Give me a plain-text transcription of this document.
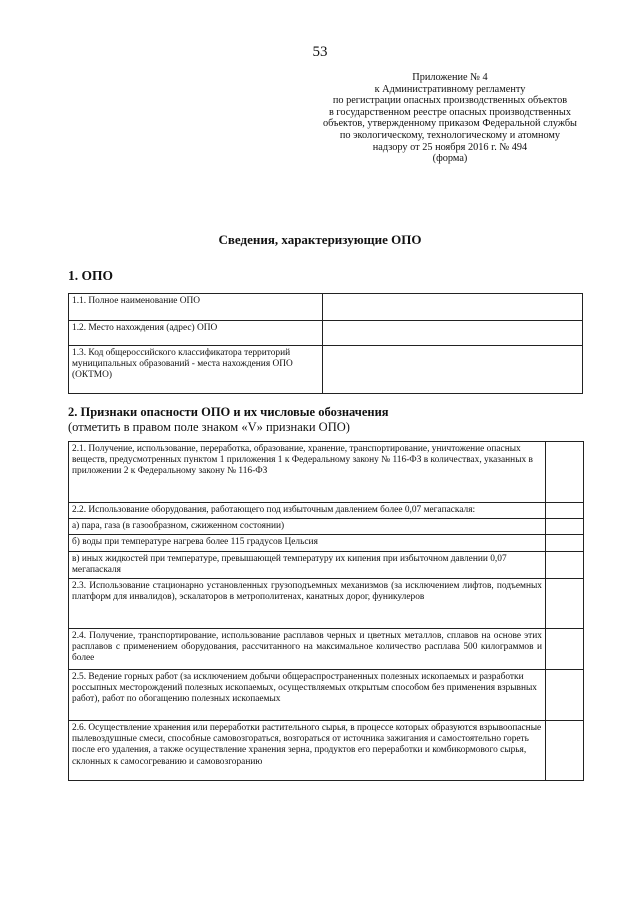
53
Приложение № 4
к Административному регламенту
по регистрации опасных производственных объектов
в государственном реестре опасных производственных
объектов, утвержденному приказом Федеральной службы
по экологическому, технологическому и атомному
надзору от 25 ноября 2016 г. № 494
(форма)
Сведения, характеризующие ОПО
1. ОПО
1.1. Полное наименование ОПО	
1.2. Место нахождения (адрес) ОПО	
1.3. Код общероссийского классификатора территорий муниципальных образований - места нахождения ОПО (ОКТМО)	
2. Признаки опасности ОПО и их числовые обозначения
(отметить в правом поле знаком «V» признаки ОПО)
2.1. Получение, использование, переработка, образование, хранение, транспортирование, уничтожение опасных веществ, предусмотренных пунктом 1 приложения 1 к Федеральному закону № 116-ФЗ в количествах, указанных в приложении 2 к Федеральному закону № 116-ФЗ	
2.2. Использование оборудования, работающего под избыточным давлением более 0,07 мегапаскаля:	
а) пара, газа (в газообразном, сжиженном состоянии)	
б) воды при температуре нагрева более 115 градусов Цельсия	
в) иных жидкостей при температуре, превышающей температуру их кипения при избыточном давлении 0,07 мегапаскаля	
2.3. Использование стационарно установленных грузоподъемных механизмов (за исключением лифтов, подъемных платформ для инвалидов), эскалаторов в метрополитенах, канатных дорог, фуникулеров	
2.4. Получение, транспортирование, использование расплавов черных и цветных металлов, сплавов на основе этих расплавов с применением оборудования, рассчитанного на максимальное количество расплава 500 килограммов и более	
2.5. Ведение горных работ (за исключением добычи общераспространенных полезных ископаемых и разработки россыпных месторождений полезных ископаемых, осуществляемых открытым способом без применения взрывных работ), работ по обогащению полезных ископаемых	
2.6. Осуществление хранения или переработки растительного сырья, в процессе которых образуются взрывоопасные пылевоздушные смеси, способные самовозгораться, возгораться от источника зажигания и самостоятельно гореть после его удаления, а также осуществление хранения зерна, продуктов его переработки и комбикормового сырья, склонных к самосогреванию и самовозгоранию	
